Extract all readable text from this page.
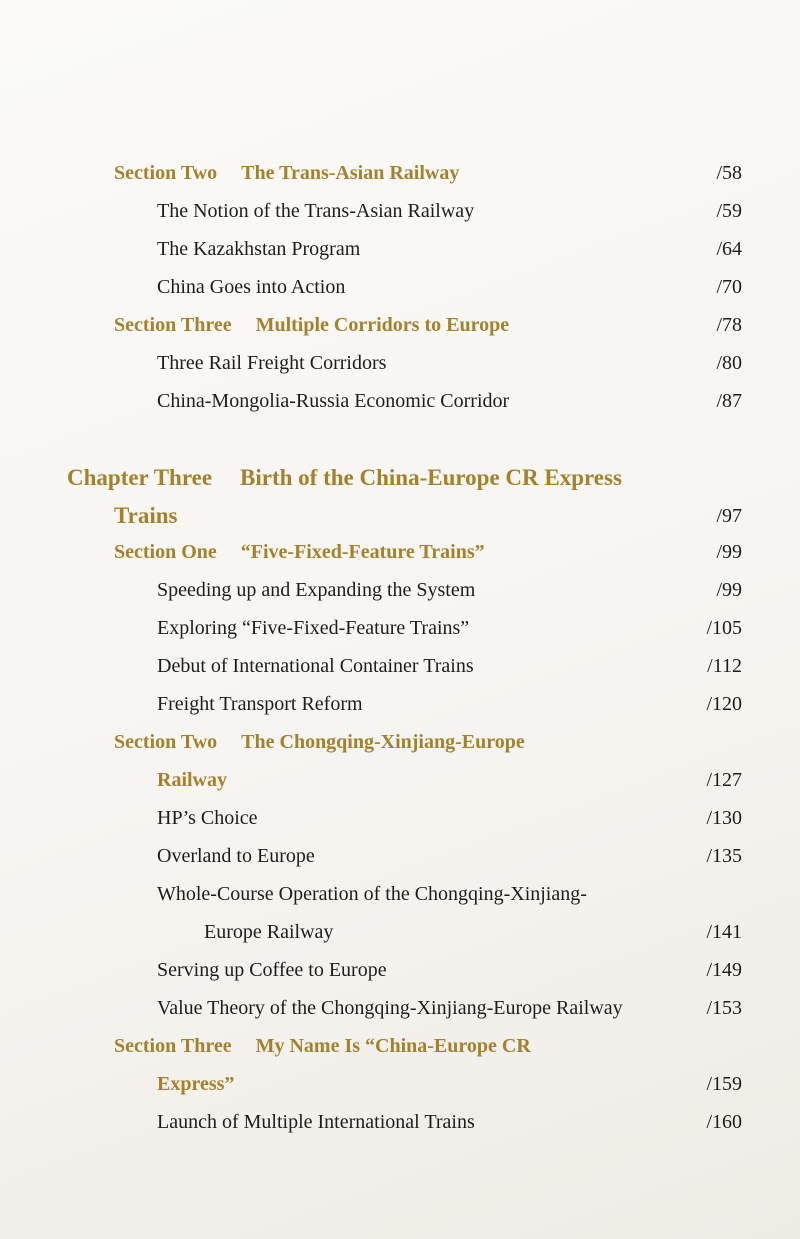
Section Two The Trans-Asian Railway	/58
The Notion of the Trans-Asian Railway	/59
The Kazakhstan Program	/64
China Goes into Action	/70
Section Three Multiple Corridors to Europe	/78
Three Rail Freight Corridors	/80
China-Mongolia-Russia Economic Corridor	/87
Chapter Three Birth of the China-Europe CR Express
Trains	/97
Section One “Five-Fixed-Feature Trains”	/99
Speeding up and Expanding the System	/99
Exploring “Five-Fixed-Feature Trains”	/105
Debut of International Container Trains	/112
Freight Transport Reform	/120
Section Two The Chongqing-Xinjiang-Europe
Railway	/127
HP’s Choice	/130
Overland to Europe	/135
Whole-Course Operation of the Chongqing-Xinjiang-
Europe Railway	/141
Serving up Coffee to Europe	/149
Value Theory of the Chongqing-Xinjiang-Europe Railway	/153
Section Three My Name Is “China-Europe CR
Express”	/159
Launch of Multiple International Trains	/160
